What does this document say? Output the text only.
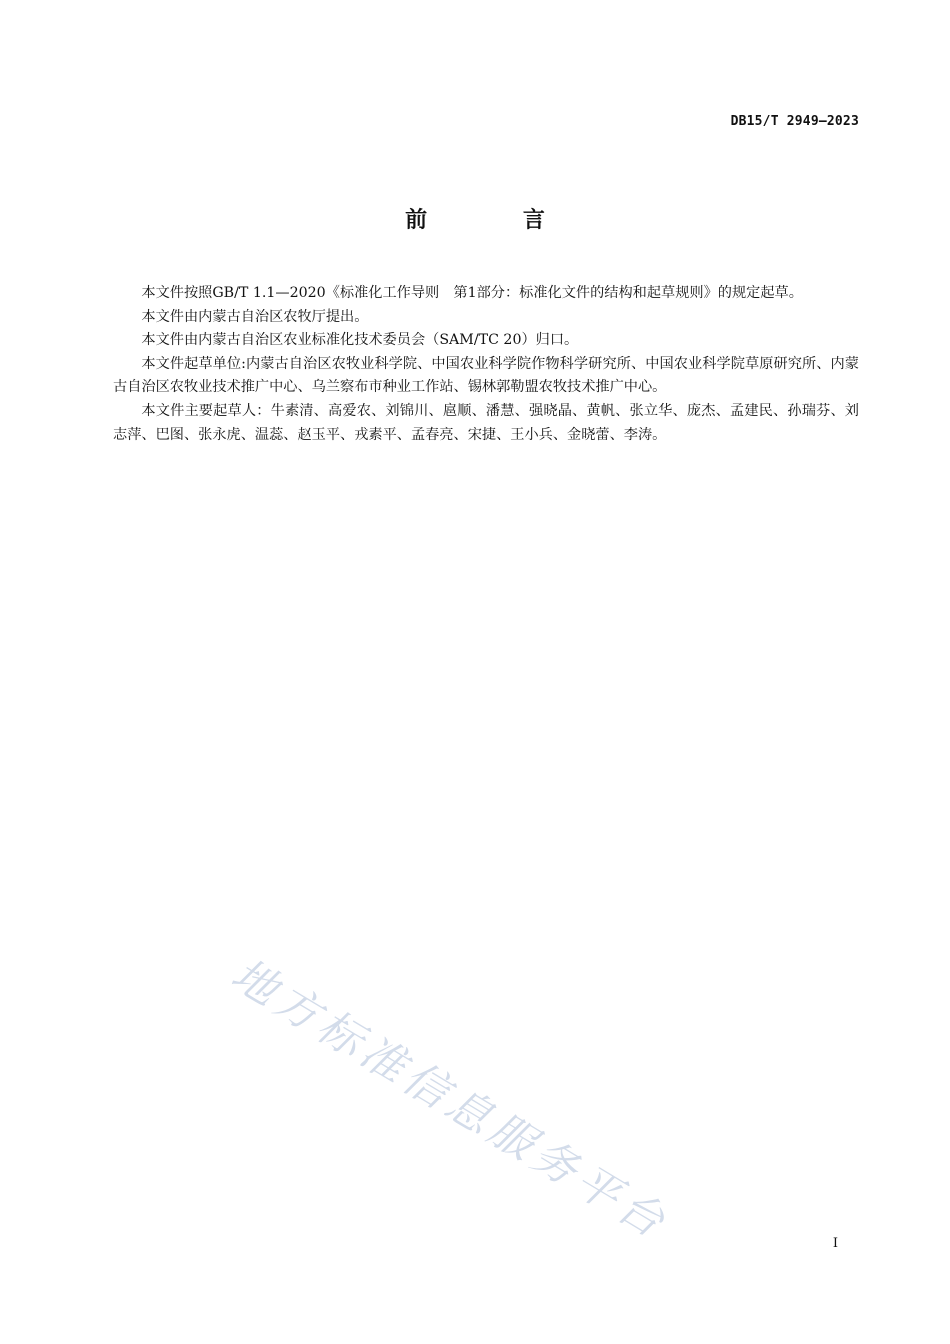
DB15/T 2949—2023
前 言

本文件按照GB/T 1.1—2020《标准化工作导则　第1部分：标准化文件的结构和起草规则》的规定起草。

本文件由内蒙古自治区农牧厅提出。

本文件由内蒙古自治区农业标准化技术委员会（SAM/TC 20）归口。

本文件起草单位:内蒙古自治区农牧业科学院、中国农业科学院作物科学研究所、中国农业科学院草原研究所、内蒙古自治区农牧业技术推广中心、乌兰察布市种业工作站、锡林郭勒盟农牧技术推广中心。

本文件主要起草人：牛素清、高爱农、刘锦川、扈顺、潘慧、强晓晶、黄帆、张立华、庞杰、孟建民、孙瑞芬、刘志萍、巴图、张永虎、温蕊、赵玉平、戎素平、孟春亮、宋捷、王小兵、金晓蕾、李涛。

地方标准信息服务平台	I
